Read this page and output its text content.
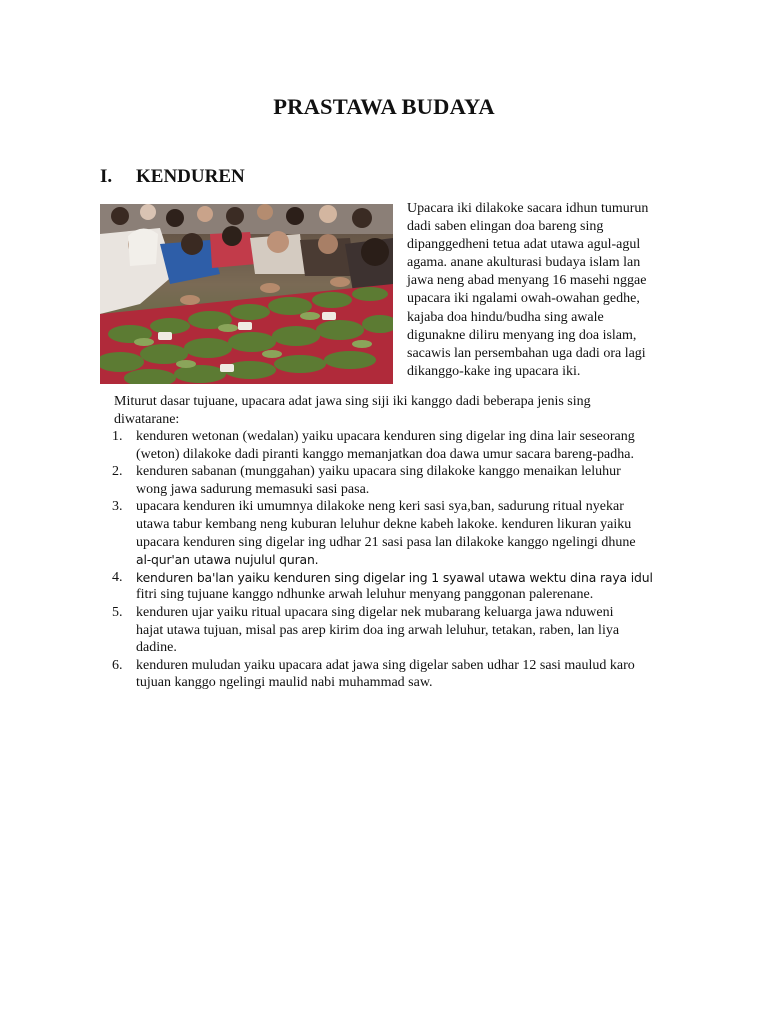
PRASTAWA BUDAYA
I. KENDUREN
Upacara iki dilakoke sacara idhun tumurun
dadi saben elingan doa bareng sing
dipanggedheni tetua adat utawa agul-agul
agama. anane akulturasi budaya islam lan
jawa neng abad menyang 16 masehi nggae
upacara iki ngalami owah-owahan gedhe,
kajaba doa hindu/budha sing awale
digunakne diliru menyang ing doa islam,
sacawis lan persembahan uga dadi ora lagi
dikanggo-kake ing upacara iki.
Miturut dasar tujuane, upacara adat jawa sing siji iki kanggo dadi beberapa jenis sing
diwatarane:
1. kenduren wetonan (wedalan) yaiku upacara kenduren sing digelar ing dina lair seseorang
(weton) dilakoke dadi piranti kanggo memanjatkan doa dawa umur sacara bareng-padha.
2. kenduren sabanan (munggahan) yaiku upacara sing dilakoke kanggo menaikan leluhur
wong jawa sadurung memasuki sasi pasa.
3. upacara kenduren iki umumnya dilakoke neng keri sasi sya,ban, sadurung ritual nyekar
utawa tabur kembang neng kuburan leluhur dekne kabeh lakoke. kenduren likuran yaiku
upacara kenduren sing digelar ing udhar 21 sasi pasa lan dilakoke kanggo ngelingi dhune
al-qur'an utawa nujulul quran.
4. kenduren ba'lan yaiku kenduren sing digelar ing 1 syawal utawa wektu dina raya idul
fitri sing tujuane kanggo ndhunke arwah leluhur menyang panggonan palerenane.
5. kenduren ujar yaiku ritual upacara sing digelar nek mubarang keluarga jawa nduweni
hajat utawa tujuan, misal pas arep kirim doa ing arwah leluhur, tetakan, raben, lan liya
dadine.
6. kenduren muludan yaiku upacara adat jawa sing digelar saben udhar 12 sasi maulud karo
tujuan kanggo ngelingi maulid nabi muhammad saw.
